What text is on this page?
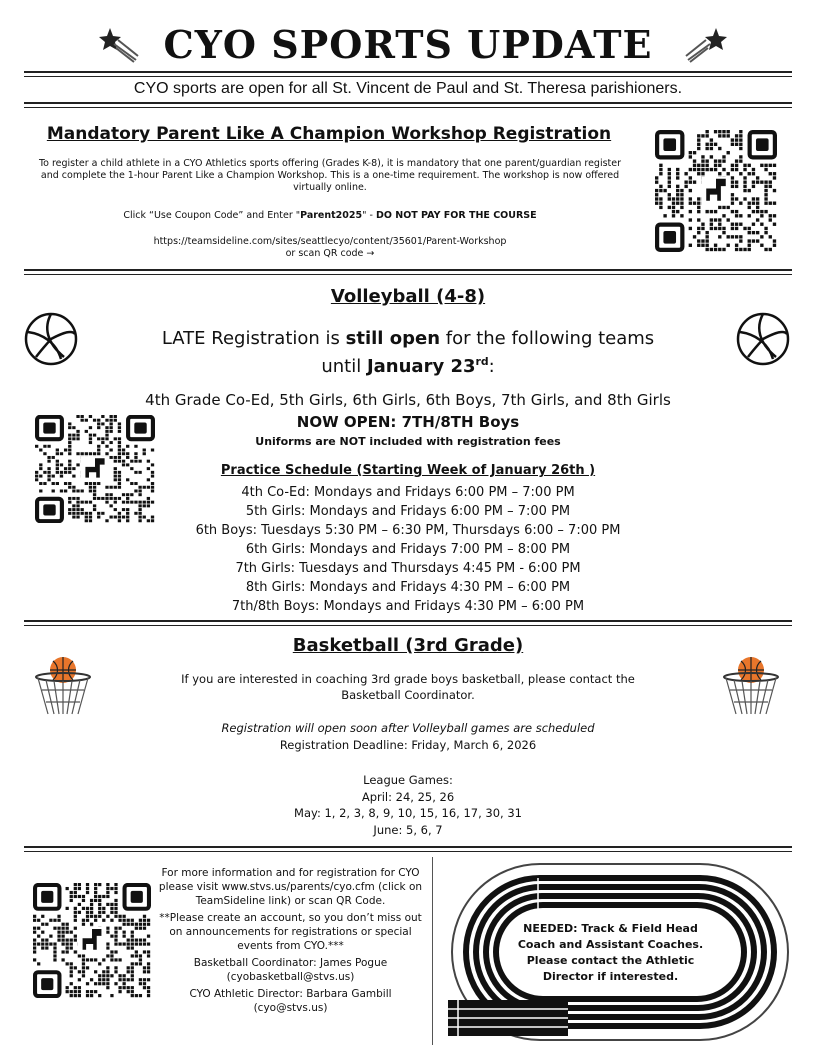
CYO SPORTS UPDATE
CYO sports are open for all St. Vincent de Paul and St. Theresa parishioners.
Mandatory Parent Like A Champion Workshop Registration
To register a child athlete in a CYO Athletics sports offering (Grades K-8), it is mandatory that one parent/guardian register and complete the 1-hour Parent Like a Champion Workshop. This is a one-time requirement. The workshop is now offered virtually online.
Click “Use Coupon Code” and Enter "Parent2025" - DO NOT PAY FOR THE COURSE
https://teamsideline.com/sites/seattlecyo/content/35601/Parent-Workshop
or scan QR code →
Volleyball (4-8)
LATE Registration is still open for the following teams
until January 23rd:
4th Grade Co-Ed, 5th Girls, 6th Girls, 6th Boys, 7th Girls, and 8th Girls
NOW OPEN: 7TH/8TH Boys
Uniforms are NOT included with registration fees
Practice Schedule (Starting Week of January 26th )
4th Co-Ed: Mondays and Fridays 6:00 PM – 7:00 PM
5th Girls: Mondays and Fridays 6:00 PM – 7:00 PM
6th Boys: Tuesdays 5:30 PM – 6:30 PM, Thursdays 6:00 – 7:00 PM
6th Girls: Mondays and Fridays 7:00 PM – 8:00 PM
7th Girls: Tuesdays and Thursdays 4:45 PM - 6:00 PM
8th Girls: Mondays and Fridays 4:30 PM – 6:00 PM
7th/8th Boys: Mondays and Fridays 4:30 PM – 6:00 PM
Basketball (3rd Grade)
If you are interested in coaching 3rd grade boys basketball, please contact the
Basketball Coordinator.
Registration will open soon after Volleyball games are scheduled
Registration Deadline: Friday, March 6, 2026
League Games:
April: 24, 25, 26
May: 1, 2, 3, 8, 9, 10, 15, 16, 17, 30, 31
June: 5, 6, 7
For more information and for registration for CYO please visit www.stvs.us/parents/cyo.cfm (click on TeamSideline link) or scan QR Code.
**Please create an account, so you don’t miss out on announcements for registrations or special events from CYO.***
Basketball Coordinator: James Pogue (cyobasketball@stvs.us)
CYO Athletic Director: Barbara Gambill (cyo@stvs.us)
NEEDED: Track & Field Head Coach and Assistant Coaches. Please contact the Athletic Director if interested.
